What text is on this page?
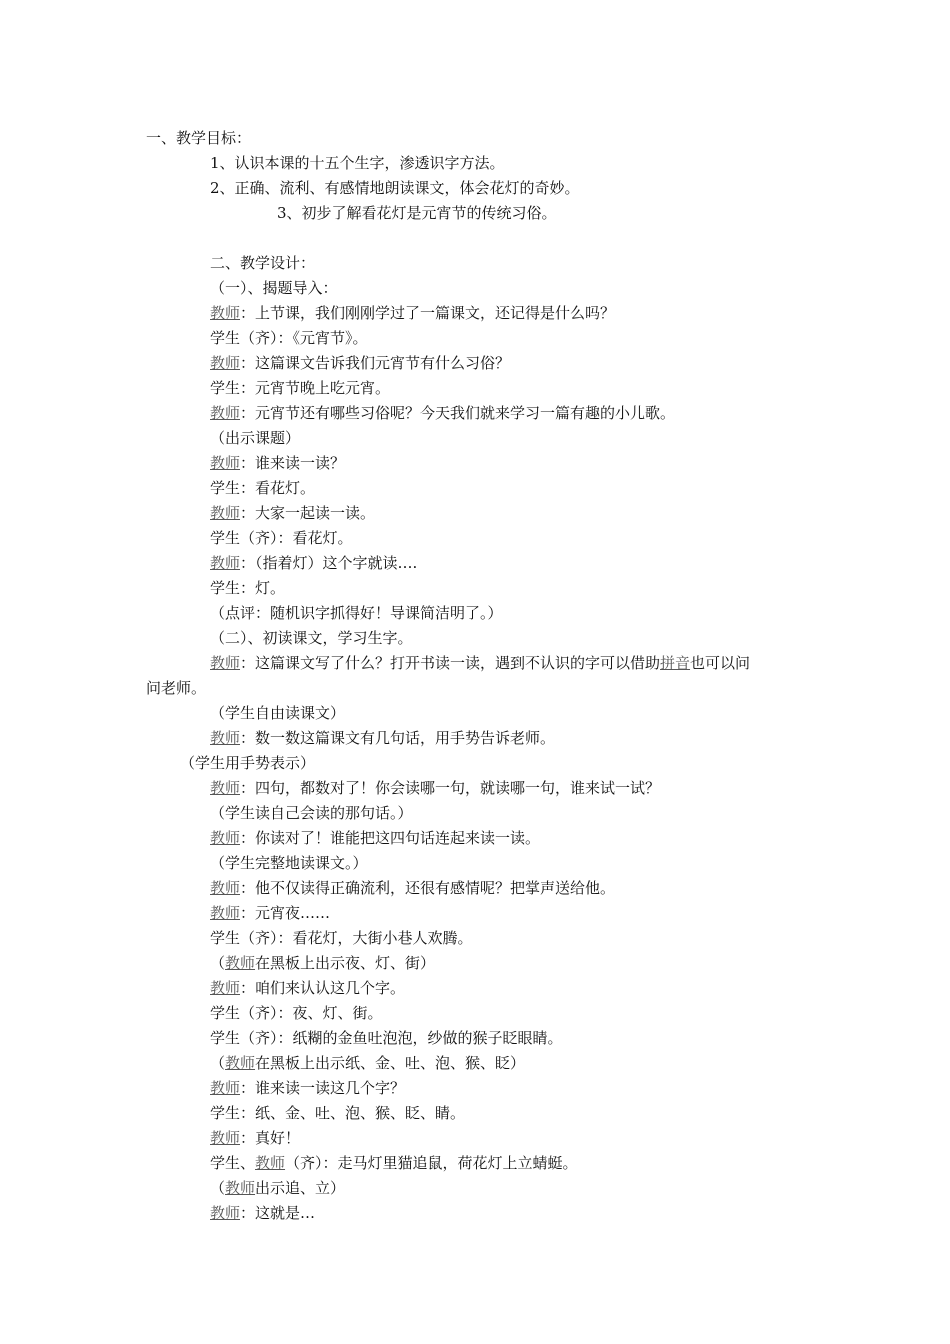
一、教学目标：
1、认识本课的十五个生字，渗透识字方法。
2、正确、流利、有感情地朗读课文，体会花灯的奇妙。
3、初步了解看花灯是元宵节的传统习俗。
二、教学设计：
（一）、揭题导入：
教师：上节课，我们刚刚学过了一篇课文，还记得是什么吗？
学生（齐）：《元宵节》。
教师：这篇课文告诉我们元宵节有什么习俗？
学生：元宵节晚上吃元宵。
教师：元宵节还有哪些习俗呢？今天我们就来学习一篇有趣的小儿歌。
（出示课题）
教师：谁来读一读？
学生：看花灯。
教师：大家一起读一读。
学生（齐）：看花灯。
教师：（指着灯）这个字就读….
学生：灯。
（点评：随机识字抓得好！导课简洁明了。）
（二）、初读课文，学习生字。
教师：这篇课文写了什么？打开书读一读，遇到不认识的字可以借助拼音也可以问
问老师。
（学生自由读课文）
教师：数一数这篇课文有几句话，用手势告诉老师。
（学生用手势表示）
教师：四句，都数对了！你会读哪一句，就读哪一句，谁来试一试？
（学生读自己会读的那句话。）
教师：你读对了！谁能把这四句话连起来读一读。
（学生完整地读课文。）
教师：他不仅读得正确流利，还很有感情呢？把掌声送给他。
教师：元宵夜……
学生（齐）：看花灯，大街小巷人欢腾。
（教师在黑板上出示夜、灯、街）
教师：咱们来认认这几个字。
学生（齐）：夜、灯、街。
学生（齐）：纸糊的金鱼吐泡泡，纱做的猴子眨眼睛。
（教师在黑板上出示纸、金、吐、泡、猴、眨）
教师：谁来读一读这几个字？
学生：纸、金、吐、泡、猴、眨、睛。
教师：真好！
学生、教师（齐）：走马灯里猫追鼠，荷花灯上立蜻蜓。
（教师出示追、立）
教师：这就是…
